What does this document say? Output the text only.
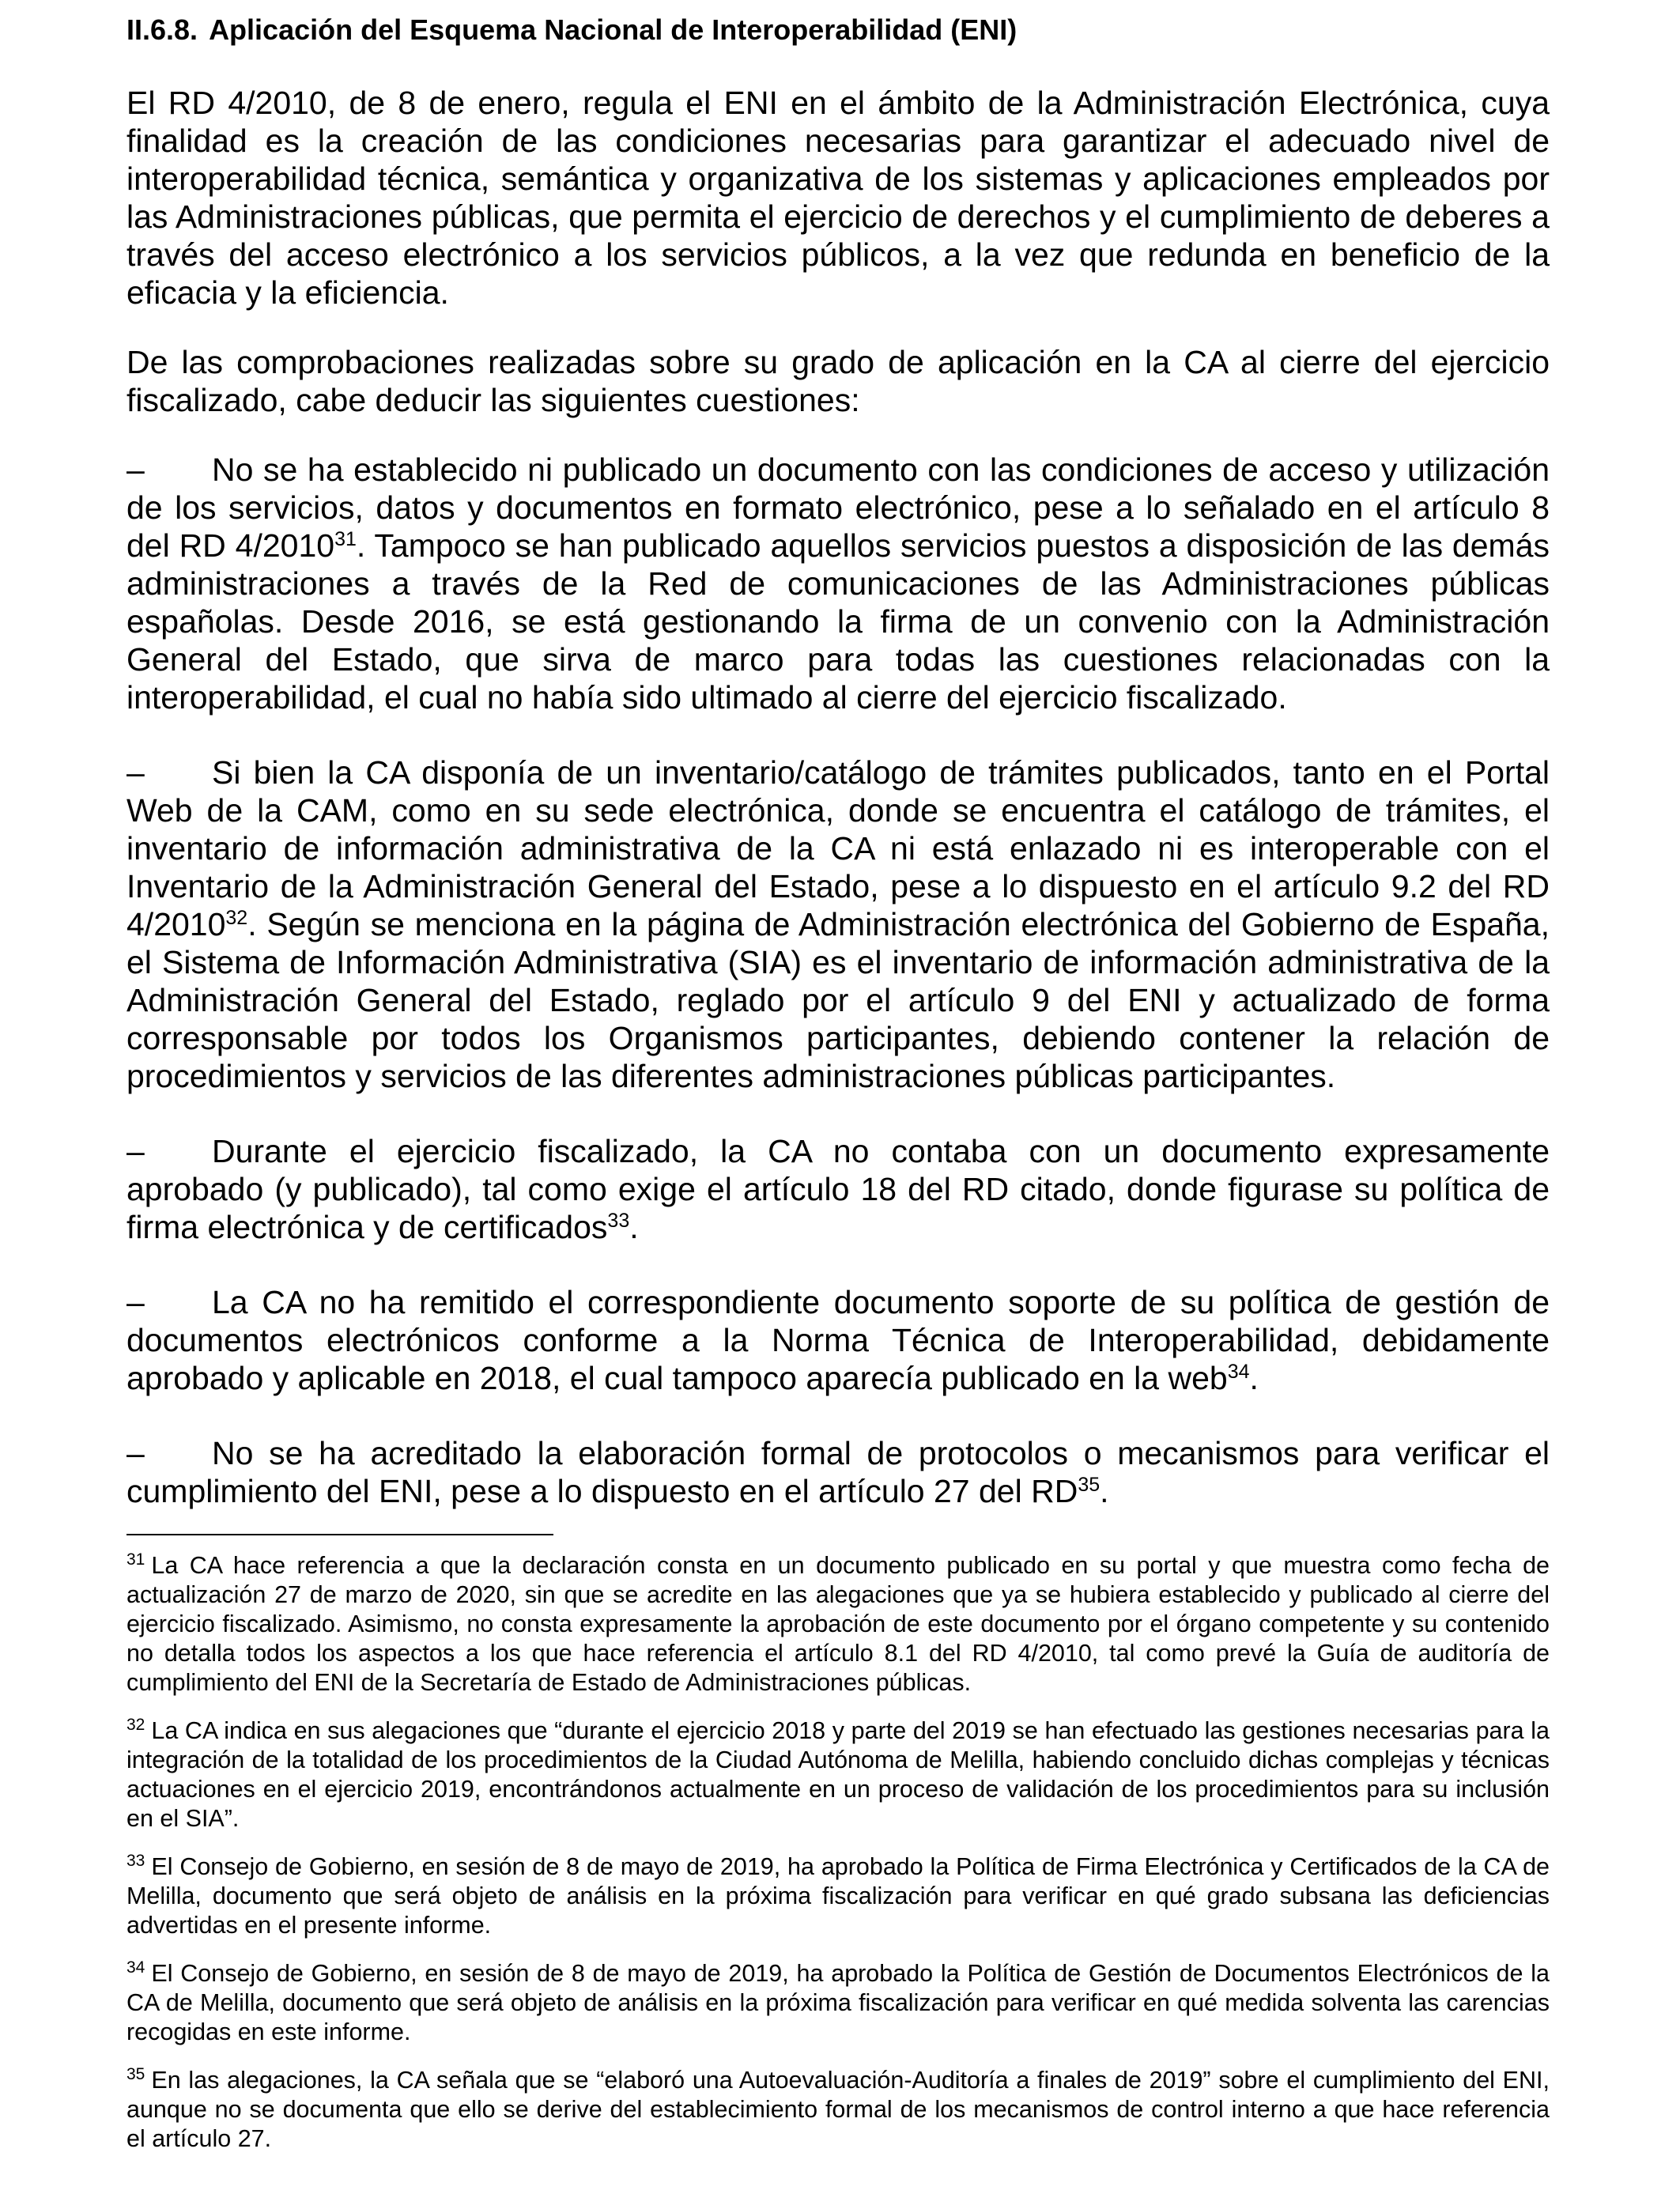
II.6.8. Aplicación del Esquema Nacional de Interoperabilidad (ENI)

El RD 4/2010, de 8 de enero, regula el ENI en el ámbito de la Administración Electrónica, cuya finalidad es la creación de las condiciones necesarias para garantizar el adecuado nivel de interoperabilidad técnica, semántica y organizativa de los sistemas y aplicaciones empleados por las Administraciones públicas, que permita el ejercicio de derechos y el cumplimiento de deberes a través del acceso electrónico a los servicios públicos, a la vez que redunda en beneficio de la eficacia y la eficiencia.

De las comprobaciones realizadas sobre su grado de aplicación en la CA al cierre del ejercicio fiscalizado, cabe deducir las siguientes cuestiones:

– No se ha establecido ni publicado un documento con las condiciones de acceso y utilización de los servicios, datos y documentos en formato electrónico, pese a lo señalado en el artículo 8 del RD 4/2010$^{31}$. Tampoco se han publicado aquellos servicios puestos a disposición de las demás administraciones a través de la Red de comunicaciones de las Administraciones públicas españolas. Desde 2016, se está gestionando la firma de un convenio con la Administración General del Estado, que sirva de marco para todas las cuestiones relacionadas con la interoperabilidad, el cual no había sido ultimado al cierre del ejercicio fiscalizado.

– Si bien la CA disponía de un inventario/catálogo de trámites publicados, tanto en el Portal Web de la CAM, como en su sede electrónica, donde se encuentra el catálogo de trámites, el inventario de información administrativa de la CA ni está enlazado ni es interoperable con el Inventario de la Administración General del Estado, pese a lo dispuesto en el artículo 9.2 del RD 4/2010$^{32}$. Según se menciona en la página de Administración electrónica del Gobierno de España, el Sistema de Información Administrativa (SIA) es el inventario de información administrativa de la Administración General del Estado, reglado por el artículo 9 del ENI y actualizado de forma corresponsable por todos los Organismos participantes, debiendo contener la relación de procedimientos y servicios de las diferentes administraciones públicas participantes.

– Durante el ejercicio fiscalizado, la CA no contaba con un documento expresamente aprobado (y publicado), tal como exige el artículo 18 del RD citado, donde figurase su política de firma electrónica y de certificados$^{33}$.

– La CA no ha remitido el correspondiente documento soporte de su política de gestión de documentos electrónicos conforme a la Norma Técnica de Interoperabilidad, debidamente aprobado y aplicable en 2018, el cual tampoco aparecía publicado en la web$^{34}$.

– No se ha acreditado la elaboración formal de protocolos o mecanismos para verificar el cumplimiento del ENI, pese a lo dispuesto en el artículo 27 del RD$^{35}$.

$^{31}$ La CA hace referencia a que la declaración consta en un documento publicado en su portal y que muestra como fecha de actualización 27 de marzo de 2020, sin que se acredite en las alegaciones que ya se hubiera establecido y publicado al cierre del ejercicio fiscalizado. Asimismo, no consta expresamente la aprobación de este documento por el órgano competente y su contenido no detalla todos los aspectos a los que hace referencia el artículo 8.1 del RD 4/2010, tal como prevé la Guía de auditoría de cumplimiento del ENI de la Secretaría de Estado de Administraciones públicas.

$^{32}$ La CA indica en sus alegaciones que “durante el ejercicio 2018 y parte del 2019 se han efectuado las gestiones necesarias para la integración de la totalidad de los procedimientos de la Ciudad Autónoma de Melilla, habiendo concluido dichas complejas y técnicas actuaciones en el ejercicio 2019, encontrándonos actualmente en un proceso de validación de los procedimientos para su inclusión en el SIA”.

$^{33}$ El Consejo de Gobierno, en sesión de 8 de mayo de 2019, ha aprobado la Política de Firma Electrónica y Certificados de la CA de Melilla, documento que será objeto de análisis en la próxima fiscalización para verificar en qué grado subsana las deficiencias advertidas en el presente informe.

$^{34}$ El Consejo de Gobierno, en sesión de 8 de mayo de 2019, ha aprobado la Política de Gestión de Documentos Electrónicos de la CA de Melilla, documento que será objeto de análisis en la próxima fiscalización para verificar en qué medida solventa las carencias recogidas en este informe.

$^{35}$ En las alegaciones, la CA señala que se “elaboró una Autoevaluación-Auditoría a finales de 2019” sobre el cumplimiento del ENI, aunque no se documenta que ello se derive del establecimiento formal de los mecanismos de control interno a que hace referencia el artículo 27.
